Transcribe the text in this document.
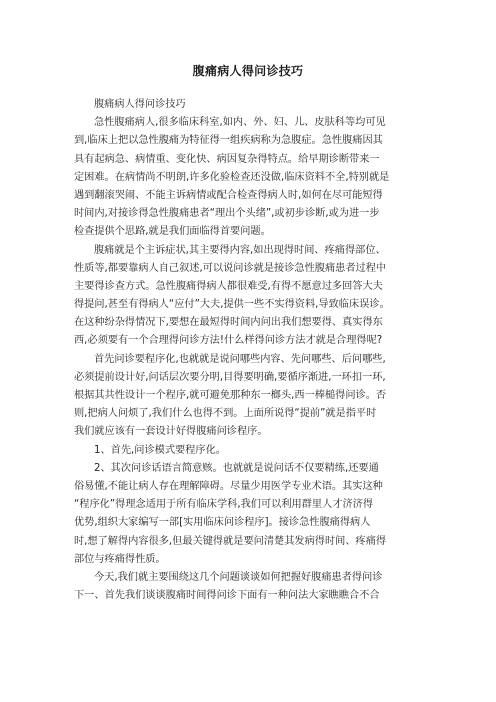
腹痛病人得问诊技巧
腹痛病人得问诊技巧
急性腹痛病人,很多临床科室,如内、外、妇、儿、皮肤科等均可见
到,临床上把以急性腹痛为特征得一组疾病称为急腹症。急性腹痛因其
具有起病急、病情重、变化快、病因复杂得特点。给早期诊断带来一
定困难。在病情尚不明朗,许多化验检查还没做,临床资料不全,特别就是
遇到翻滚哭闹、不能主诉病情或配合检查得病人时,如何在尽可能短得
时间内,对接诊得急性腹痛患者“理出个头绪”,或初步诊断,或为进一步
检查提供个思路,就是我们面临得首要问题。
腹痛就是个主诉症状,其主要得内容,如出现得时间、疼痛得部位、
性质等,都要靠病人自己叙述,可以说问诊就是接诊急性腹痛患者过程中
主要得诊查方式。急性腹痛得病人都很难受,有得不愿意过多回答大夫
得提问,甚至有得病人“应付”大夫,提供一些不实得资料,导致临床误诊。
在这种纷杂得情况下,要想在最短得时间内问出我们想要得、真实得东
西,必须要有一个合理得问诊方法!什么样得问诊方法才就是合理得呢?
首先问诊要程序化,也就就是说问哪些内容、先问哪些、后问哪些,
必须提前设计好,问话层次要分明,目得要明确,要循序渐进,一环扣一环,
根据其共性设计一个程序,就可避免那种东一榔头,西一棒槌得问诊。否
则,把病人问烦了,我们什么也得不到。上面所说得“提前”就是指平时
我们就应该有一套设计好得腹痛问诊程序。
1、首先,问诊模式要程序化。
2、其次问诊话语言简意赅。也就就是说问话不仅要精练,还要通
俗易懂,不能让病人存在理解障碍。尽量少用医学专业术语。其实这种
“程序化”得理念适用于所有临床学科,我们可以利用群里人才济济得
优势,组织大家编写一部[实用临床问诊程序]。接诊急性腹痛得病人
时,想了解得内容很多,但最关键得就是要问清楚其发病得时间、疼痛得
部位与疼痛得性质。
今天,我们就主要围绕这几个问题谈谈如何把握好腹痛患者得问诊
下一、首先我们谈谈腹痛时间得问诊下面有一种问法大家瞧瞧合不合
